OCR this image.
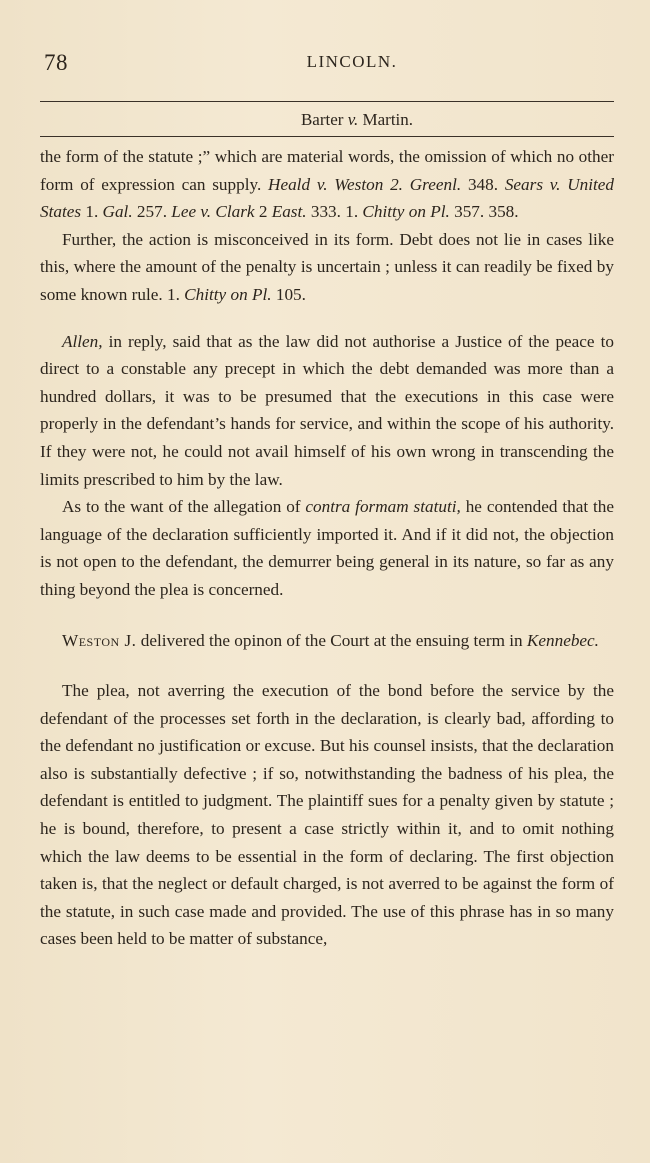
78	LINCOLN.
Barter v. Martin.

the form of the statute ;” which are material words, the omission of which no other form of expression can supply. Heald v. Weston 2. Greenl. 348. Sears v. United States 1. Gal. 257. Lee v. Clark 2 East. 333. 1. Chitty on Pl. 357. 358.

Further, the action is misconceived in its form. Debt does not lie in cases like this, where the amount of the penalty is uncertain ; unless it can readily be fixed by some known rule. 1. Chitty on Pl. 105.

Allen, in reply, said that as the law did not authorise a Justice of the peace to direct to a constable any precept in which the debt demanded was more than a hundred dollars, it was to be presumed that the executions in this case were properly in the defendant’s hands for service, and within the scope of his authority. If they were not, he could not avail himself of his own wrong in transcending the limits prescribed to him by the law.

As to the want of the allegation of contra formam statuti, he contended that the language of the declaration sufficiently imported it. And if it did not, the objection is not open to the defendant, the demurrer being general in its nature, so far as any thing beyond the plea is concerned.

Weston J. delivered the opinon of the Court at the ensuing term in Kennebec.

The plea, not averring the execution of the bond before the service by the defendant of the processes set forth in the declaration, is clearly bad, affording to the defendant no justification or excuse. But his counsel insists, that the declaration also is substantially defective ; if so, notwithstanding the badness of his plea, the defendant is entitled to judgment. The plaintiff sues for a penalty given by statute ; he is bound, therefore, to present a case strictly within it, and to omit nothing which the law deems to be essential in the form of declaring. The first objection taken is, that the neglect or default charged, is not averred to be against the form of the statute, in such case made and provided. The use of this phrase has in so many cases been held to be matter of substance,
